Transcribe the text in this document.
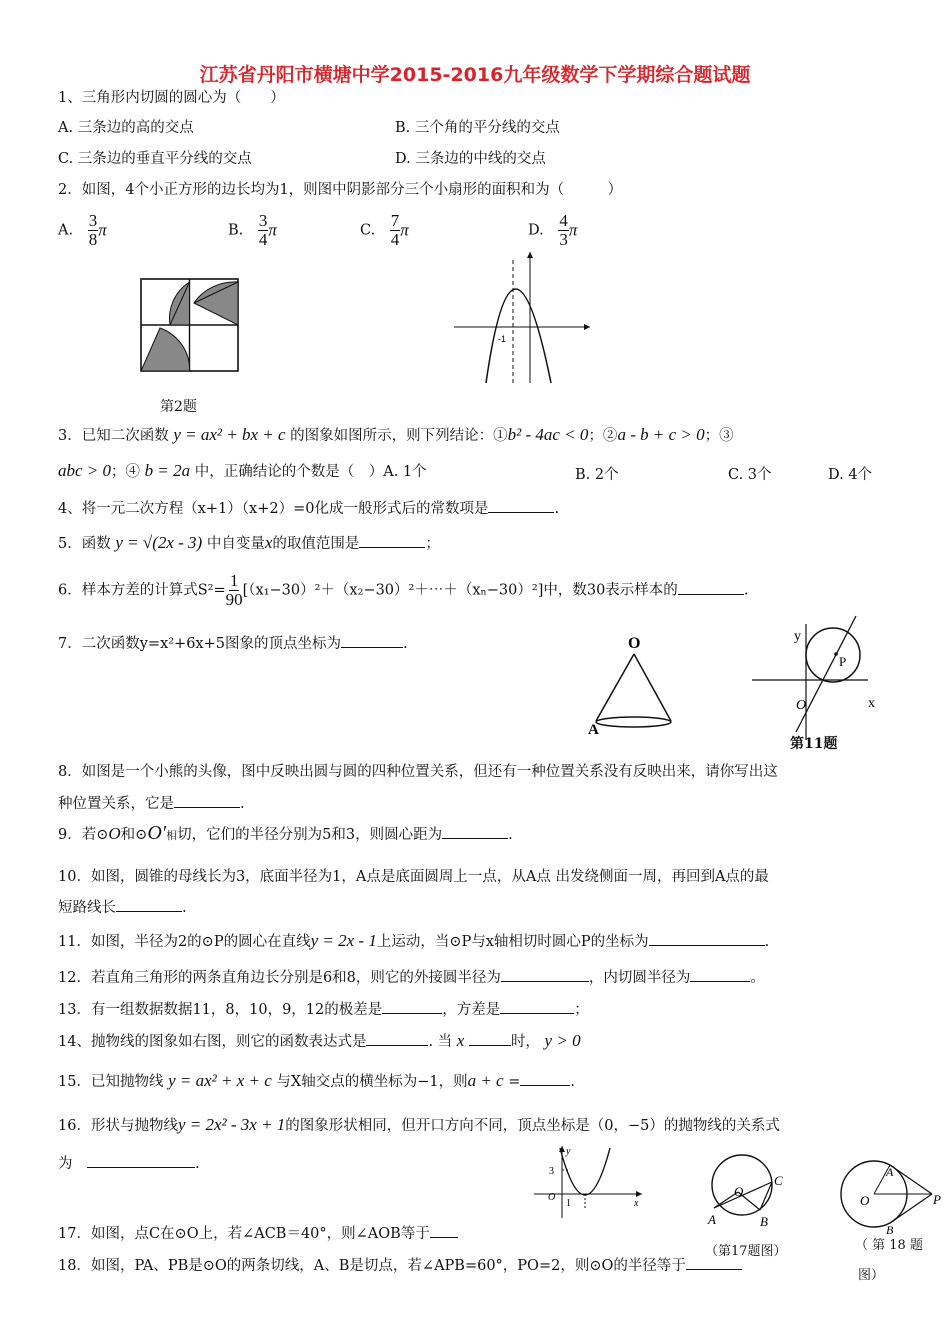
江苏省丹阳市横塘中学2015-2016九年级数学下学期综合题试题
1、三角形内切圆的圆心为（　　）
A. 三条边的高的交点	B. 三个角的平分线的交点
C. 三条边的垂直平分线的交点	D. 三条边的中线的交点
2．如图，4个小正方形的边长均为1，则图中阴影部分三个小扇形的面积和为（　　　）
A. $\frac{3}{8}$ π	B. $\frac{3}{4}$ π	C. $\frac{7}{4}$ π	D. $\frac{4}{3}$ π
第2题
-1
3．已知二次函数 y = ax² + bx + c 的图象如图所示，则下列结论：①b² - 4ac < 0；②a - b + c > 0；③
abc > 0；④ b = 2a 中，正确结论的个数是（　）A. 1个	B. 2个	C. 3个	D. 4个
4、将一元二次方程（x+1）（x+2）=0化成一般形式后的常数项是	.
5．函数 y = √(2x - 3) 中自变量x的取值范围是	；
6．样本方差的计算式$S^2= \frac{1}{90}$ [（x₁−30）²＋（x₂−30）²＋⋯＋（xₙ−30）²]中，数30表示样本的	.
7．二次函数y=x²+6x+5图象的顶点坐标为	.	O
A
y
x
O
P
第11题
8．如图是一个小熊的头像，图中反映出圆与圆的四种位置关系，但还有一种位置关系没有反映出来，请你写出这
种位置关系，它是	.
9．若⊙O和⊙O′相切，它们的半径分别为5和3，则圆心距为	.
10．如图，圆锥的母线长为3，底面半径为1，A点是底面圆周上一点，从A点 出发绕侧面一周，再回到A点的最
短路线长	.
11．如图，半径为2的⊙P的圆心在直线y = 2x - 1上运动，当⊙P与x轴相切时圆心P的坐标为	.
12．若直角三角形的两条直角边长分别是6和8，则它的外接圆半径为	，内切圆半径为	。
13．有一组数据数据11，8，10，9，12的极差是	，方差是	；
14、抛物线的图象如右图，则它的函数表达式是	. 当 x	时， y > 0
15．已知抛物线 y = ax² + x + c 与X轴交点的横坐标为−1，则a + c =	.
16．形状与抛物线y = 2x² - 3x + 1的图象形状相同，但开口方向不同，顶点坐标是（0，−5）的抛物线的关系式
为　	.
y
x
3
O
1
O
A	B
C
（第17题图）
O
A
B
P
（ 第 18 题
图）
17．如图，点C在⊙O上，若∠ACB＝40°，则∠AOB等于
18．如图，PA、PB是⊙O的两条切线，A、B是切点，若∠APB=60°，PO=2，则⊙O的半径等于
